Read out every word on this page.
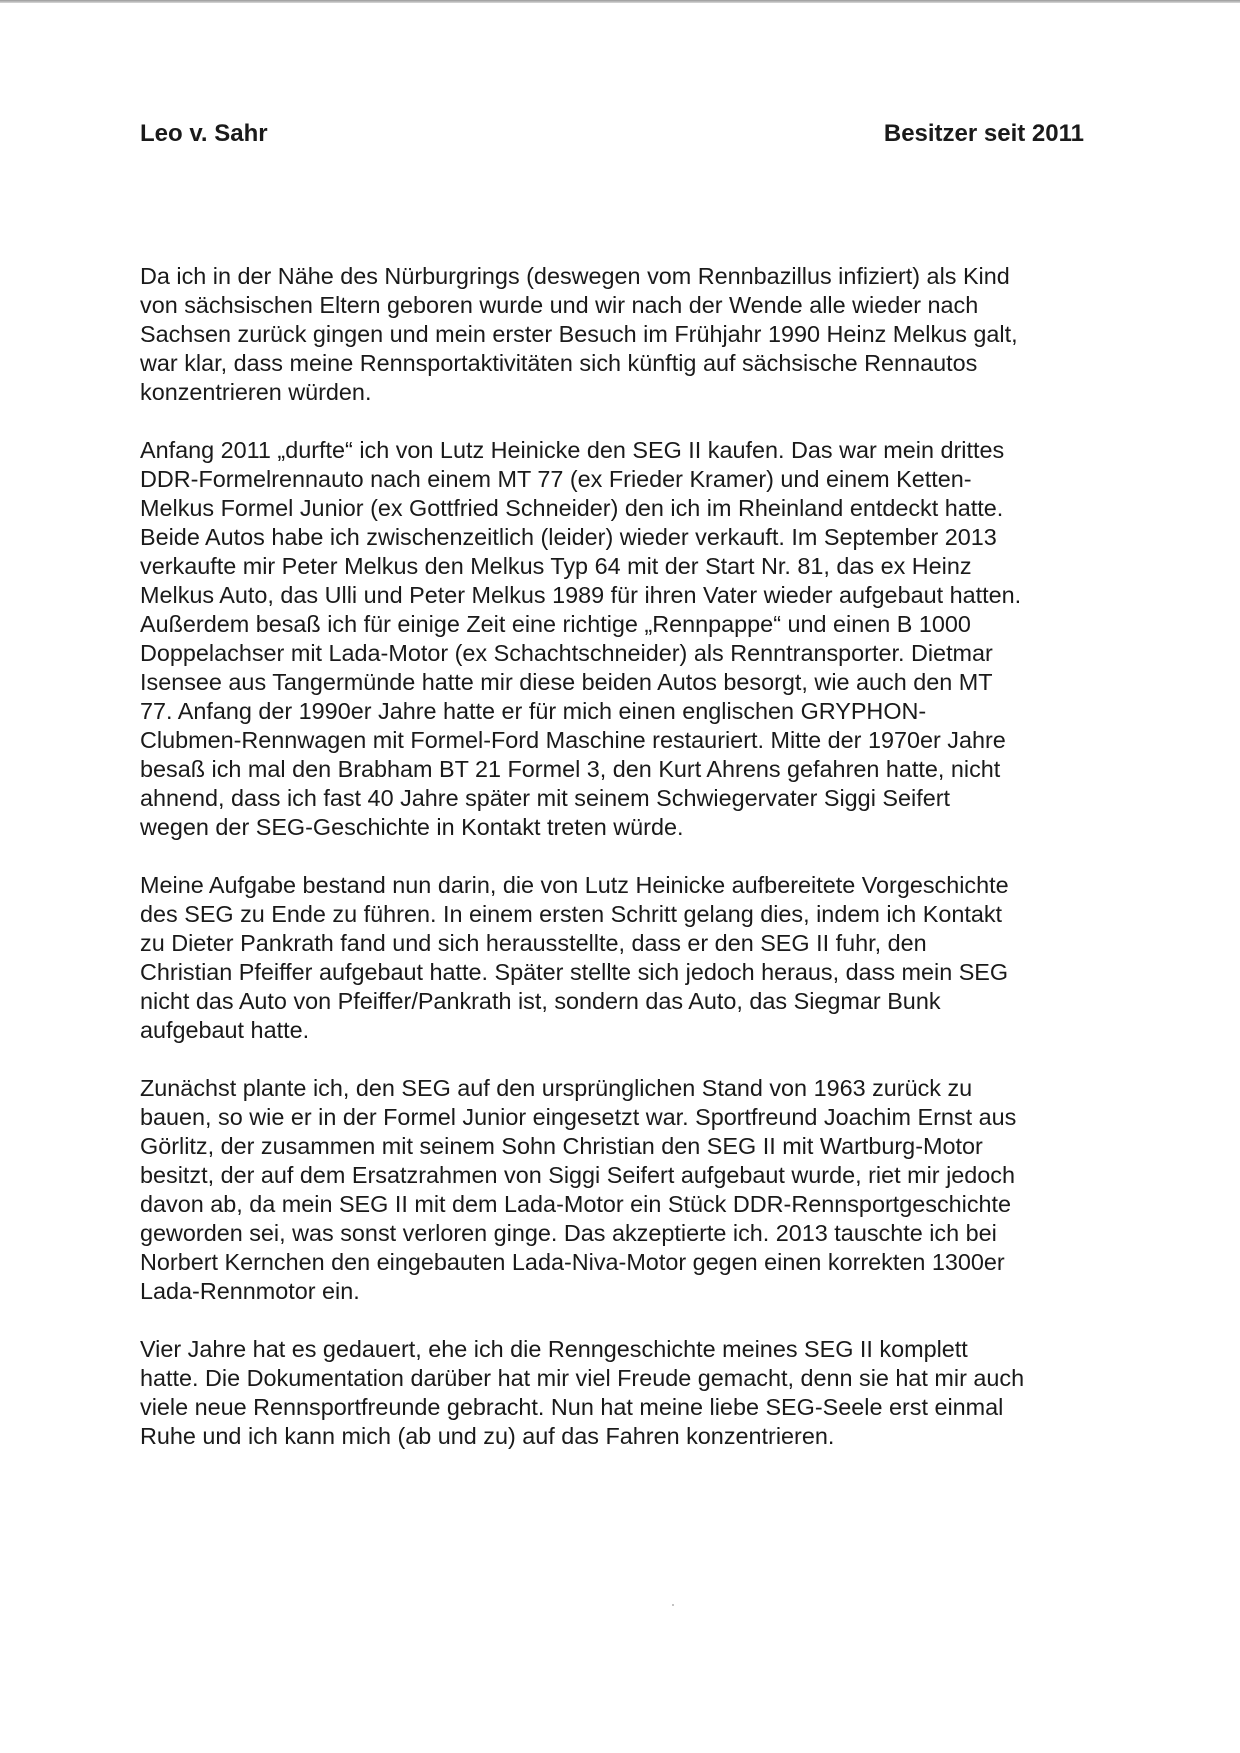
Leo v. Sahr	Besitzer seit 2011

Da ich in der Nähe des Nürburgrings (deswegen vom Rennbazillus infiziert) als Kind
von sächsischen Eltern geboren wurde und wir nach der Wende alle wieder nach
Sachsen zurück gingen und mein erster Besuch im Frühjahr 1990 Heinz Melkus galt,
war klar, dass meine Rennsportaktivitäten sich künftig auf sächsische Rennautos
konzentrieren würden.

Anfang 2011 „durfte“ ich von Lutz Heinicke den SEG II kaufen. Das war mein drittes
DDR-Formelrennauto nach einem MT 77 (ex Frieder Kramer) und einem Ketten-
Melkus Formel Junior (ex Gottfried Schneider) den ich im Rheinland entdeckt hatte.
Beide Autos habe ich zwischenzeitlich (leider) wieder verkauft. Im September 2013
verkaufte mir Peter Melkus den Melkus Typ 64 mit der Start Nr. 81, das ex Heinz
Melkus Auto, das Ulli und Peter Melkus 1989 für ihren Vater wieder aufgebaut hatten.
Außerdem besaß ich für einige Zeit eine richtige „Rennpappe“ und einen B 1000
Doppelachser mit Lada-Motor (ex Schachtschneider) als Renntransporter. Dietmar
Isensee aus Tangermünde hatte mir diese beiden Autos besorgt, wie auch den MT
77. Anfang der 1990er Jahre hatte er für mich einen englischen GRYPHON-
Clubmen-Rennwagen mit Formel-Ford Maschine restauriert. Mitte der 1970er Jahre
besaß ich mal den Brabham BT 21 Formel 3, den Kurt Ahrens gefahren hatte, nicht
ahnend, dass ich fast 40 Jahre später mit seinem Schwiegervater Siggi Seifert
wegen der SEG-Geschichte in Kontakt treten würde.

Meine Aufgabe bestand nun darin, die von Lutz Heinicke aufbereitete Vorgeschichte
des SEG zu Ende zu führen. In einem ersten Schritt gelang dies, indem ich Kontakt
zu Dieter Pankrath fand und sich herausstellte, dass er den SEG II fuhr, den
Christian Pfeiffer aufgebaut hatte. Später stellte sich jedoch heraus, dass mein SEG
nicht das Auto von Pfeiffer/Pankrath ist, sondern das Auto, das Siegmar Bunk
aufgebaut hatte.

Zunächst plante ich, den SEG auf den ursprünglichen Stand von 1963 zurück zu
bauen, so wie er in der Formel Junior eingesetzt war. Sportfreund Joachim Ernst aus
Görlitz, der zusammen mit seinem Sohn Christian den SEG II mit Wartburg-Motor
besitzt, der auf dem Ersatzrahmen von Siggi Seifert aufgebaut wurde, riet mir jedoch
davon ab, da mein SEG II mit dem Lada-Motor ein Stück DDR-Rennsportgeschichte
geworden sei, was sonst verloren ginge. Das akzeptierte ich. 2013 tauschte ich bei
Norbert Kernchen den eingebauten Lada-Niva-Motor gegen einen korrekten 1300er
Lada-Rennmotor ein.

Vier Jahre hat es gedauert, ehe ich die Renngeschichte meines SEG II komplett
hatte. Die Dokumentation darüber hat mir viel Freude gemacht, denn sie hat mir auch
viele neue Rennsportfreunde gebracht. Nun hat meine liebe SEG-Seele erst einmal
Ruhe und ich kann mich (ab und zu) auf das Fahren konzentrieren.
